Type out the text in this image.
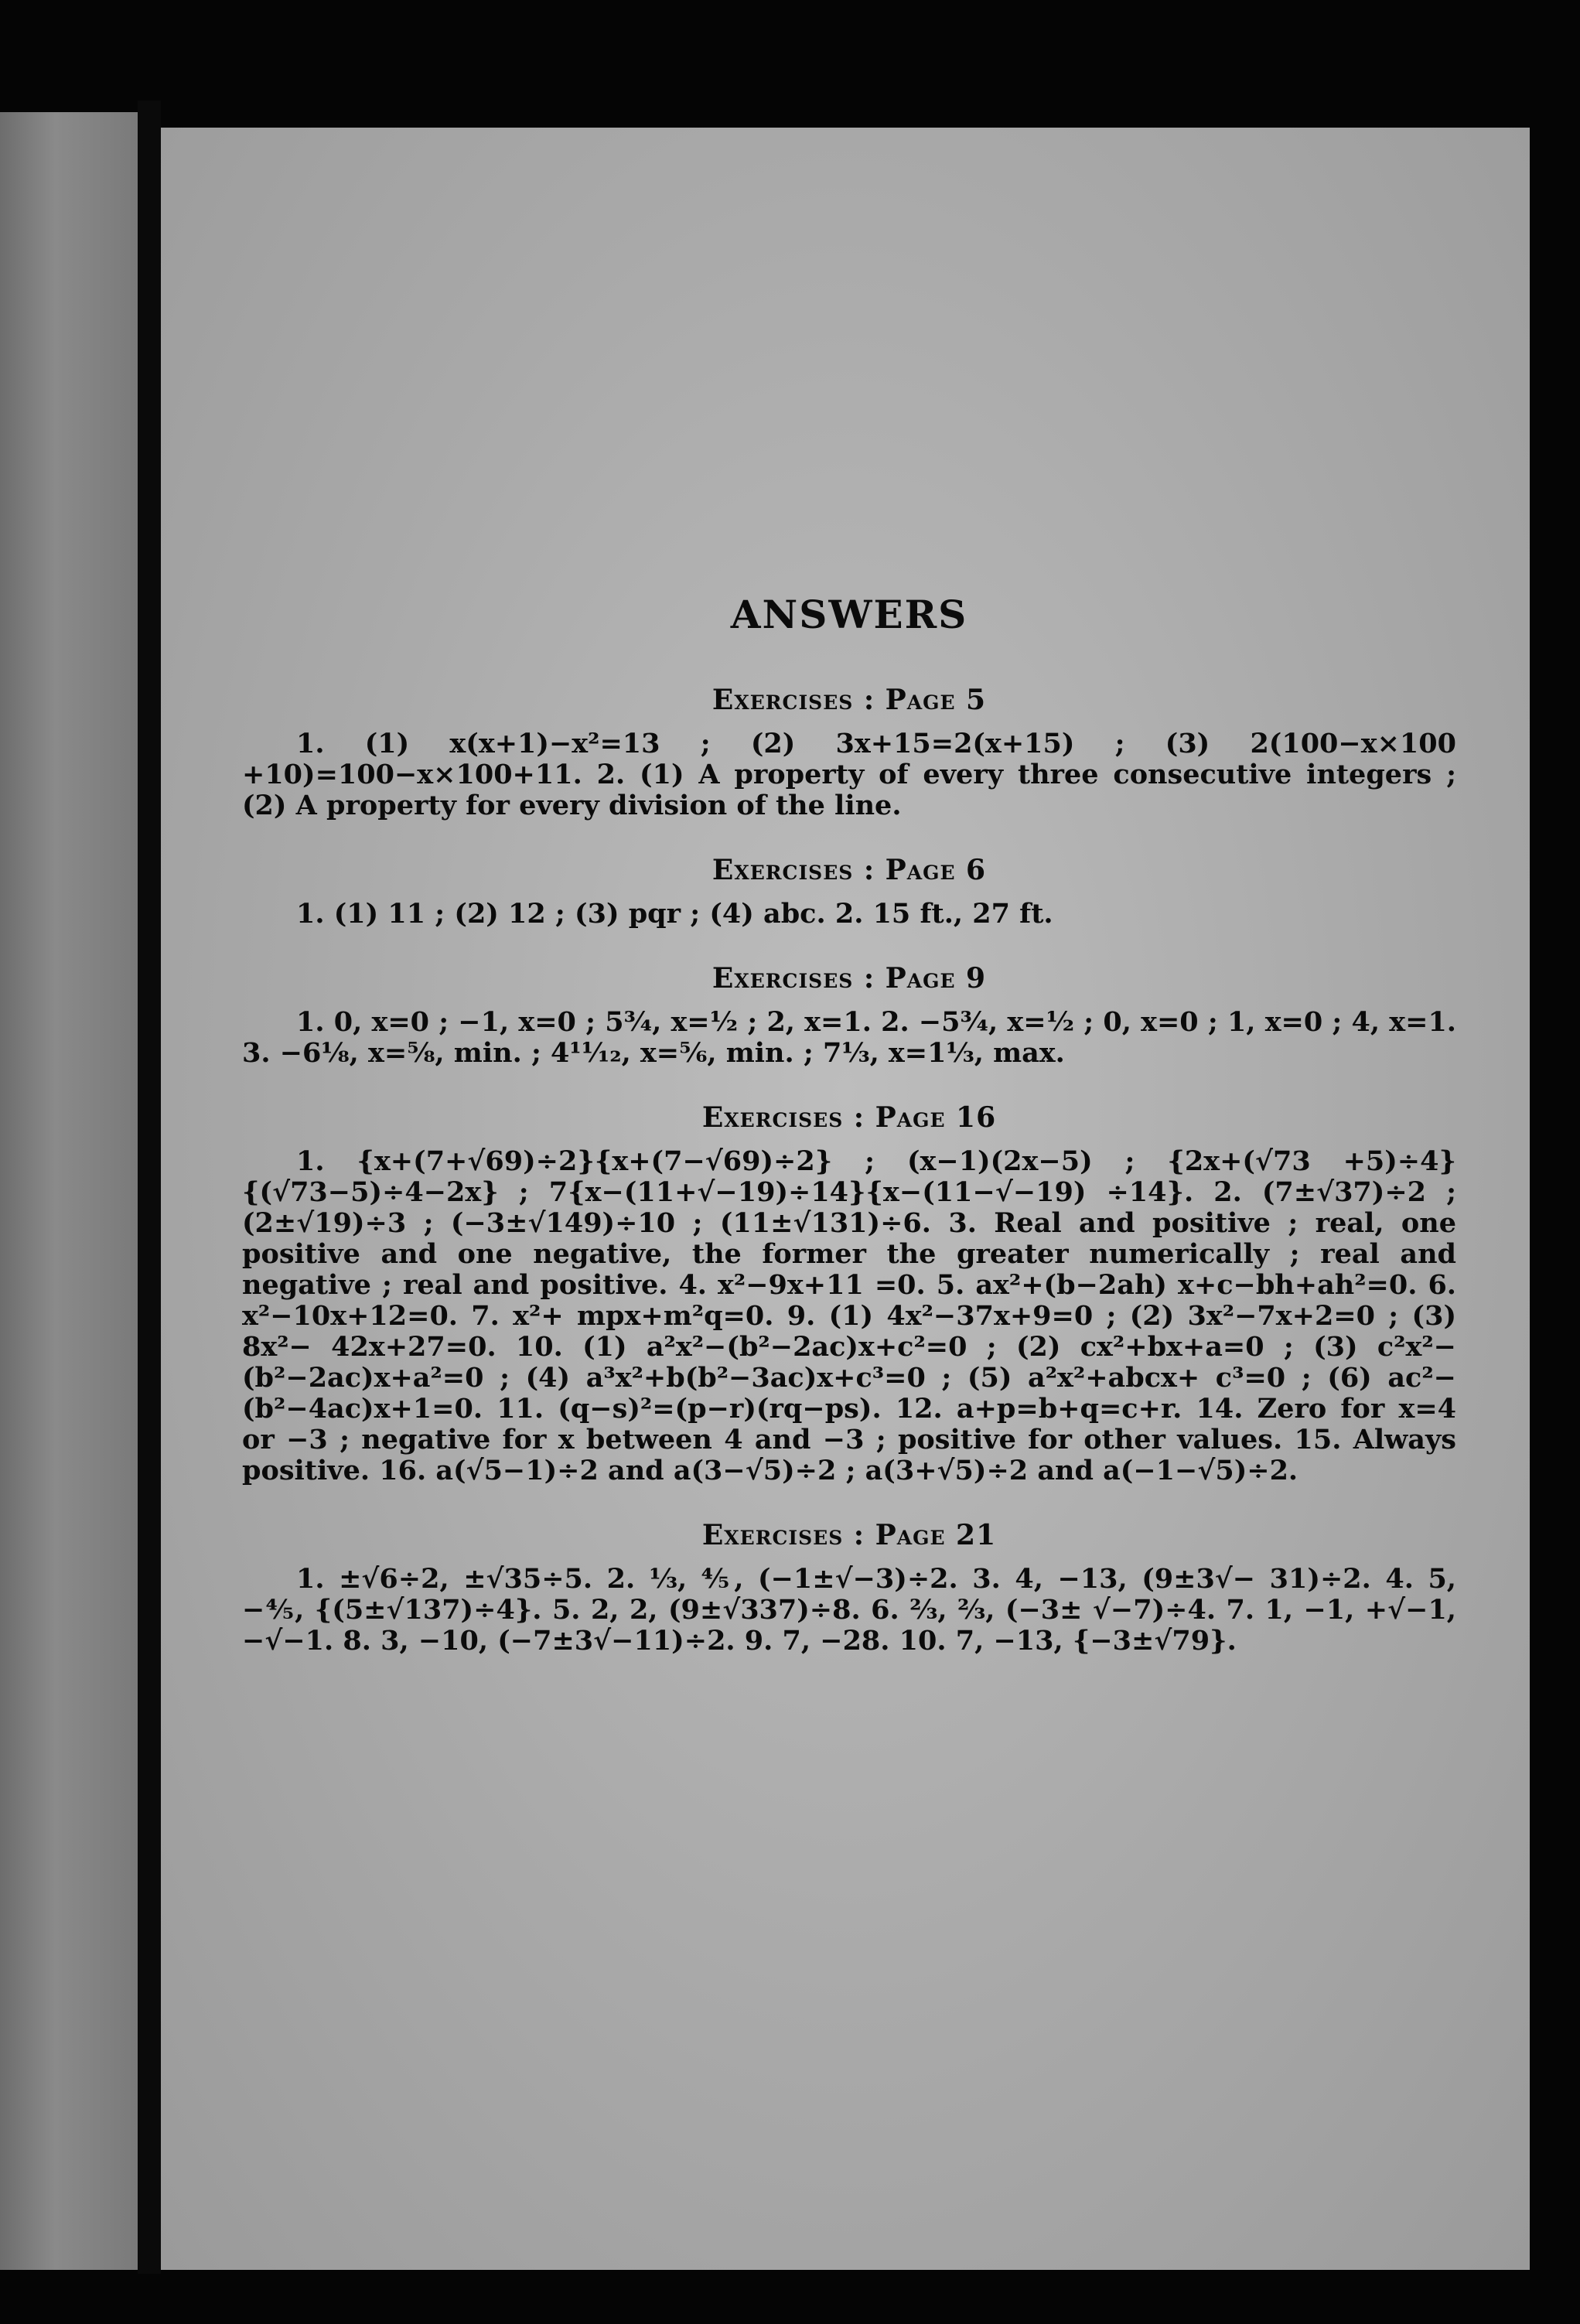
ANSWERS
Exercises : Page 5

1. (1) x(x+1)−x²=13 ; (2) 3x+15=2(x+15) ; (3) 2(100−x×100 +10)=100−x×100+11. 2. (1) A property of every three consecutive integers ; (2) A property for every division of the line.

Exercises : Page 6

1. (1) 11 ; (2) 12 ; (3) pqr ; (4) abc. 2. 15 ft., 27 ft.

Exercises : Page 9

1. 0, x=0 ; −1, x=0 ; 5¾, x=½ ; 2, x=1. 2. −5¾, x=½ ; 0, x=0 ; 1, x=0 ; 4, x=1. 3. −6⅛, x=⅝, min. ; 4¹¹⁄₁₂, x=⅚, min. ; 7⅓, x=1⅓, max.

Exercises : Page 16

1. {x+(7+√69)÷2}{x+(7−√69)÷2} ; (x−1)(2x−5) ; {2x+(√73 +5)÷4}{(√73−5)÷4−2x} ; 7{x−(11+√−19)÷14}{x−(11−√−19) ÷14}. 2. (7±√37)÷2 ; (2±√19)÷3 ; (−3±√149)÷10 ; (11±√131)÷6. 3. Real and positive ; real, one positive and one negative, the former the greater numerically ; real and negative ; real and positive. 4. x²−9x+11 =0. 5. ax²+(b−2ah) x+c−bh+ah²=0. 6. x²−10x+12=0. 7. x²+ mpx+m²q=0. 9. (1) 4x²−37x+9=0 ; (2) 3x²−7x+2=0 ; (3) 8x²− 42x+27=0. 10. (1) a²x²−(b²−2ac)x+c²=0 ; (2) cx²+bx+a=0 ; (3) c²x²−(b²−2ac)x+a²=0 ; (4) a³x²+b(b²−3ac)x+c³=0 ; (5) a²x²+abcx+ c³=0 ; (6) ac²−(b²−4ac)x+1=0. 11. (q−s)²=(p−r)(rq−ps). 12. a+p=b+q=c+r. 14. Zero for x=4 or −3 ; negative for x between 4 and −3 ; positive for other values. 15. Always positive. 16. a(√5−1)÷2 and a(3−√5)÷2 ; a(3+√5)÷2 and a(−1−√5)÷2.

Exercises : Page 21

1. ±√6÷2, ±√35÷5. 2. ⅓, ⅘, (−1±√−3)÷2. 3. 4, −13, (9±3√− 31)÷2. 4. 5, −⅘, {(5±√137)÷4}. 5. 2, 2, (9±√337)÷8. 6. ⅔, ⅔, (−3± √−7)÷4. 7. 1, −1, +√−1, −√−1. 8. 3, −10, (−7±3√−11)÷2. 9. 7, −28. 10. 7, −13, {−3±√79}.
